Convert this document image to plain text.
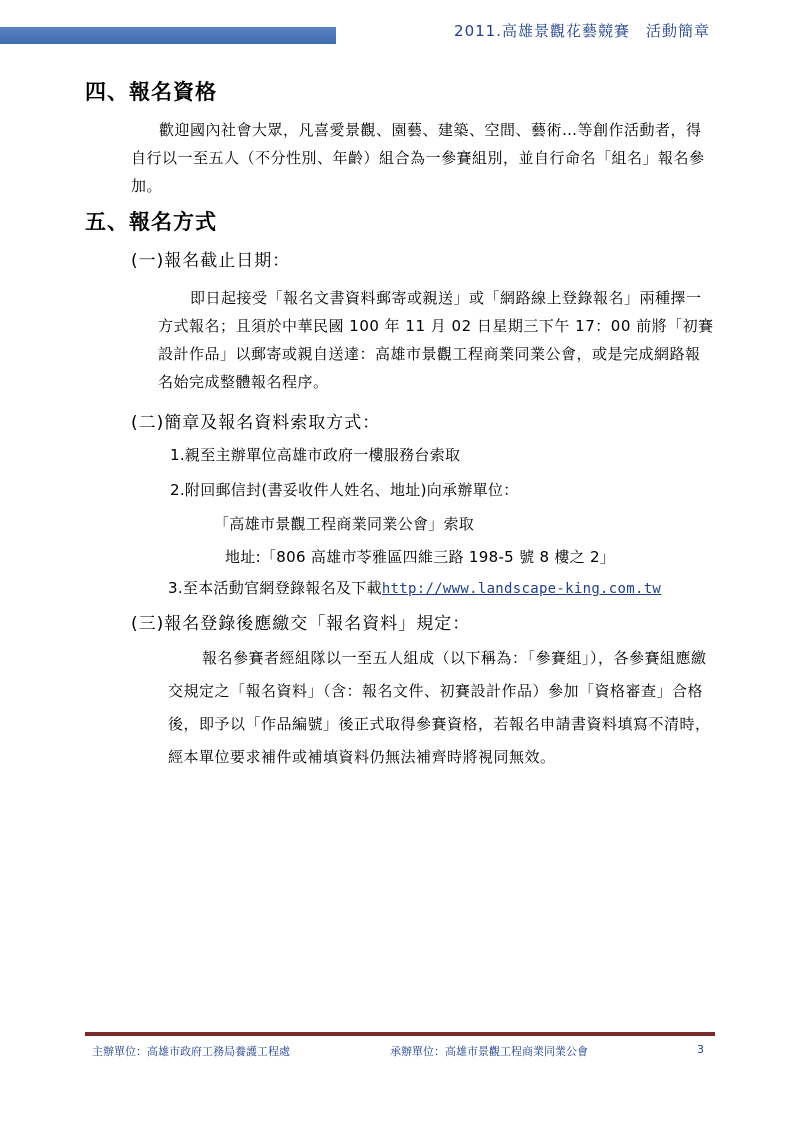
2011.高雄景觀花藝競賽　活動簡章
四、報名資格
歡迎國內社會大眾，凡喜愛景觀、園藝、建築、空間、藝術…等創作活動者，得自行以一至五人（不分性別、年齡）組合為一參賽組別，並自行命名「組名」報名參加。
五、報名方式
(一)報名截止日期：
即日起接受「報名文書資料郵寄或親送」或「網路線上登錄報名」兩種擇一方式報名；且須於中華民國 100 年 11 月 02 日星期三下午 17：00 前將「初賽設計作品」以郵寄或親自送達：高雄市景觀工程商業同業公會，或是完成網路報名始完成整體報名程序。
(二)簡章及報名資料索取方式：
1.親至主辦單位高雄市政府一樓服務台索取
2.附回郵信封(書妥收件人姓名、地址)向承辦單位：
「高雄市景觀工程商業同業公會」索取
地址:「806 高雄市苓雅區四維三路 198-5 號 8 樓之 2」
3.至本活動官網登錄報名及下載http://www.landscape-king.com.tw
(三)報名登錄後應繳交「報名資料」規定：
報名參賽者經組隊以一至五人組成（以下稱為：「參賽組」），各參賽組應繳交規定之「報名資料」（含：報名文件、初賽設計作品）參加「資格審查」合格後，即予以「作品編號」後正式取得參賽資格，若報名申請書資料填寫不清時，經本單位要求補件或補填資料仍無法補齊時將視同無效。
主辦單位：高雄市政府工務局養護工程處	承辦單位：高雄市景觀工程商業同業公會	3
